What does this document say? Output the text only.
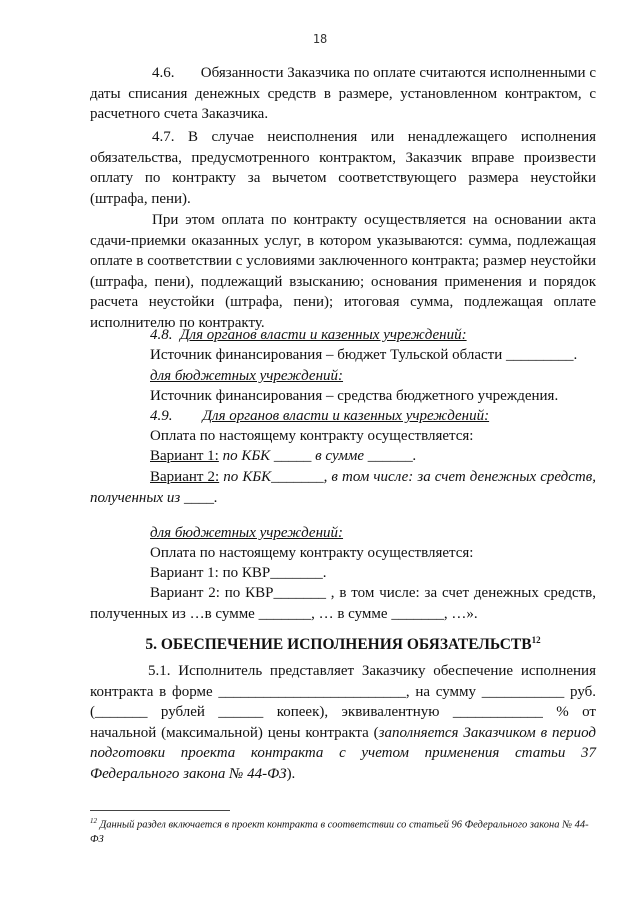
18

4.6.       Обязанности Заказчика по оплате считаются исполненными с даты списания денежных средств в размере, установленном контрактом, с расчетного счета Заказчика.

4.7. В случае неисполнения или ненадлежащего исполнения обязательства, предусмотренного контрактом, Заказчик вправе произвести оплату по контракту за вычетом соответствующего размера неустойки (штрафа, пени).

При этом оплата по контракту осуществляется на основании акта сдачи-приемки оказанных услуг, в котором указываются: сумма, подлежащая оплате в соответствии с условиями заключенного контракта; размер неустойки (штрафа, пени), подлежащий взысканию; основания применения и порядок расчета неустойки (штрафа, пени); итоговая сумма, подлежащая оплате исполнителю по контракту.

4.8. Для органов власти и казенных учреждений:

Источник финансирования – бюджет Тульской области _________.

для бюджетных учреждений:

Источник финансирования – средства бюджетного учреждения.

4.9. Для органов власти и казенных учреждений:

Оплата по настоящему контракту осуществляется:

Вариант 1: по КБК _____ в сумме ______.

Вариант 2: по КБК_______, в том числе: за счет денежных средств, полученных из ____.

для бюджетных учреждений:

Оплата по настоящему контракту осуществляется:

Вариант 1: по КВР_______.

Вариант 2: по КВР_______ , в том числе: за счет денежных средств, полученных из …в сумме _______, … в сумме _______, …».

5. ОБЕСПЕЧЕНИЕ ИСПОЛНЕНИЯ ОБЯЗАТЕЛЬСТВ$^{12}$

5.1. Исполнитель представляет Заказчику обеспечение исполнения контракта в форме _________________________, на сумму ___________ руб. (_______ рублей ______ копеек), эквивалентную ____________ % от начальной (максимальной) цены контракта (заполняется Заказчиком в период подготовки проекта контракта с учетом применения статьи 37 Федерального закона № 44-ФЗ).

$^{12}$ Данный раздел включается в проект контракта в соответствии со статьей 96 Федерального закона № 44-ФЗ
